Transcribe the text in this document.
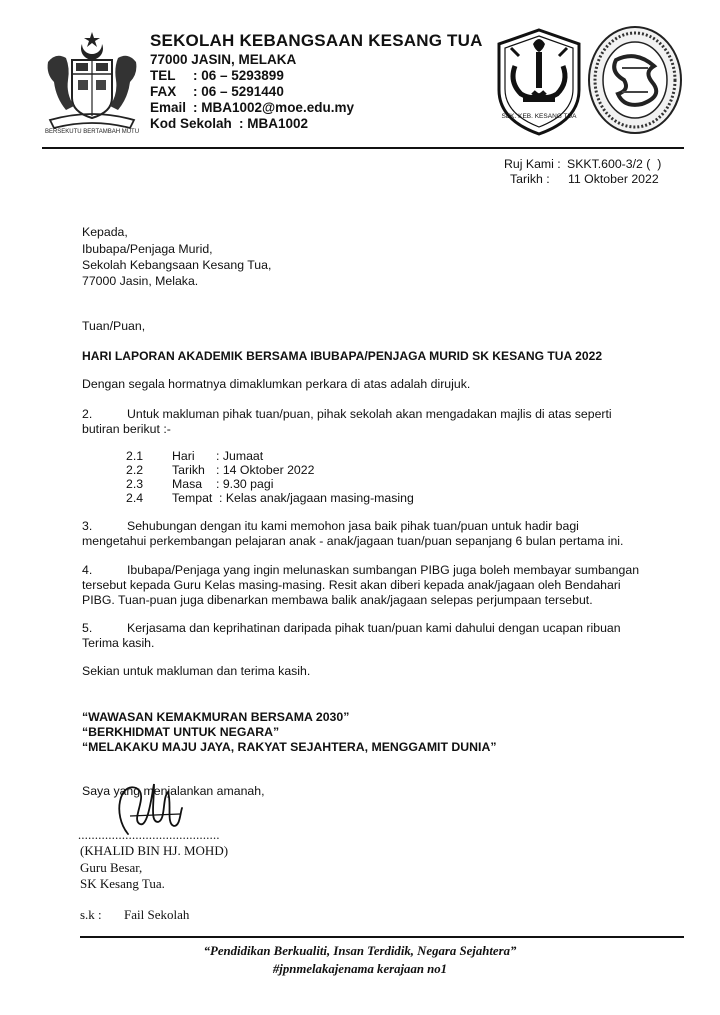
BERSEKUTU BERTAMBAH MUTU
SEKOLAH KEBANGSAAN KESANG TUA
77000 JASIN, MELAKA
TEL : 06 – 5293899
FAX : 06 – 5291440
Email : MBA1002@moe.edu.my
Kod Sekolah : MBA1002	SEK. KEB. KESANG TUA
Ruj Kami : SKKT.600-3/2 (  )
Tarikh : 11 Oktober 2022
Kepada,
Ibubapa/Penjaga Murid,
Sekolah Kebangsaan Kesang Tua,
77000 Jasin, Melaka.
Tuan/Puan,
HARI LAPORAN AKADEMIK BERSAMA IBUBAPA/PENJAGA MURID SK KESANG TUA 2022
Dengan segala hormatnya dimaklumkan perkara di atas adalah dirujuk.
2.	Untuk makluman pihak tuan/puan, pihak sekolah akan mengadakan majlis di atas seperti
butiran berikut :-
2.1 Hari : Jumaat
2.2 Tarikh : 14 Oktober 2022
2.3 Masa : 9.30 pagi
2.4 Tempat : Kelas anak/jagaan masing-masing
3.	Sehubungan dengan itu kami memohon jasa baik pihak tuan/puan untuk hadir bagi
mengetahui perkembangan pelajaran anak - anak/jagaan tuan/puan sepanjang 6 bulan pertama ini.
4.	Ibubapa/Penjaga yang ingin melunaskan sumbangan PIBG juga boleh membayar sumbangan
tersebut kepada Guru Kelas masing-masing. Resit akan diberi kepada anak/jagaan oleh Bendahari
PIBG. Tuan-puan juga dibenarkan membawa balik anak/jagaan selepas perjumpaan tersebut.
5.	Kerjasama dan keprihatinan daripada pihak tuan/puan kami dahului dengan ucapan ribuan
Terima kasih.
Sekian untuk makluman dan terima kasih.
“WAWASAN KEMAKMURAN BERSAMA 2030”
“BERKHIDMAT UNTUK NEGARA”
“MELAKAKU MAJU JAYA, RAKYAT SEJAHTERA, MENGGAMIT DUNIA”
Saya yang menjalankan amanah,
..........................................
(KHALID BIN HJ. MOHD)
Guru Besar,
SK Kesang Tua.
s.k : Fail Sekolah
“Pendidikan Berkualiti, Insan Terdidik, Negara Sejahtera”
#jpnmelakajenama kerajaan no1
